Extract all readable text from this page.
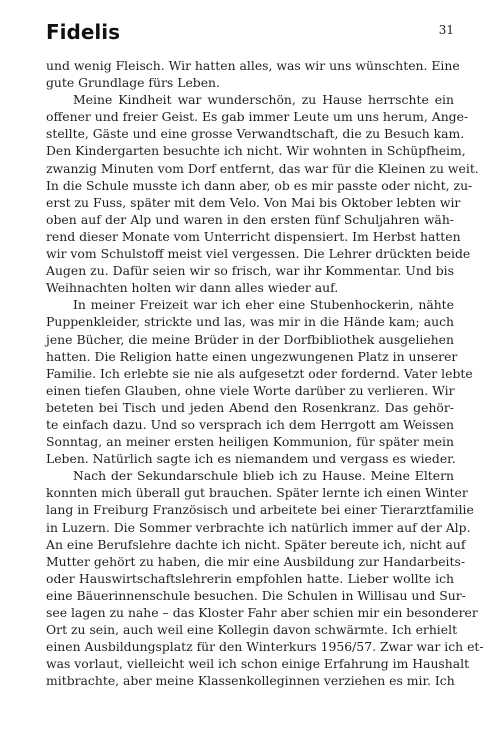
Fidelis	31
und wenig Fleisch. Wir hatten alles, was wir uns wünschten. Eine
gute Grundlage fürs Leben.
Meine Kindheit war wunderschön, zu Hause herrschte ein
offener und freier Geist. Es gab immer Leute um uns herum, Ange-
stellte, Gäste und eine grosse Verwandtschaft, die zu Besuch kam.
Den Kindergarten besuchte ich nicht. Wir wohnten in Schüpfheim,
zwanzig Minuten vom Dorf entfernt, das war für die Kleinen zu weit.
In die Schule musste ich dann aber, ob es mir passte oder nicht, zu-
erst zu Fuss, später mit dem Velo. Von Mai bis Oktober lebten wir
oben auf der Alp und waren in den ersten fünf Schuljahren wäh-
rend dieser Monate vom Unterricht dispensiert. Im Herbst hatten
wir vom Schulstoff meist viel vergessen. Die Lehrer drückten beide
Augen zu. Dafür seien wir so frisch, war ihr Kommentar. Und bis
Weihnachten holten wir dann alles wieder auf.
In meiner Freizeit war ich eher eine Stubenhockerin, nähte
Puppenkleider, strickte und las, was mir in die Hände kam; auch
jene Bücher, die meine Brüder in der Dorfbibliothek ausgeliehen
hatten. Die Religion hatte einen ungezwungenen Platz in unserer
Familie. Ich erlebte sie nie als aufgesetzt oder fordernd. Vater lebte
einen tiefen Glauben, ohne viele Worte darüber zu verlieren. Wir
beteten bei Tisch und jeden Abend den Rosenkranz. Das gehör-
te einfach dazu. Und so versprach ich dem Herrgott am Weissen
Sonntag, an meiner ersten heiligen Kommunion, für später mein
Leben. Natürlich sagte ich es niemandem und vergass es wieder.
Nach der Sekundarschule blieb ich zu Hause. Meine Eltern
konnten mich überall gut brauchen. Später lernte ich einen Winter
lang in Freiburg Französisch und arbeitete bei einer Tierarztfamilie
in Luzern. Die Sommer verbrachte ich natürlich immer auf der Alp.
An eine Berufslehre dachte ich nicht. Später bereute ich, nicht auf
Mutter gehört zu haben, die mir eine Ausbildung zur Handarbeits-
oder Hauswirtschaftslehrerin empfohlen hatte. Lieber wollte ich
eine Bäuerinnenschule besuchen. Die Schulen in Willisau und Sur-
see lagen zu nahe – das Kloster Fahr aber schien mir ein besonderer
Ort zu sein, auch weil eine Kollegin davon schwärmte. Ich erhielt
einen Ausbildungsplatz für den Winterkurs 1956/57. Zwar war ich et-
was vorlaut, vielleicht weil ich schon einige Erfahrung im Haushalt
mitbrachte, aber meine Klassenkolleginnen verziehen es mir. Ich
